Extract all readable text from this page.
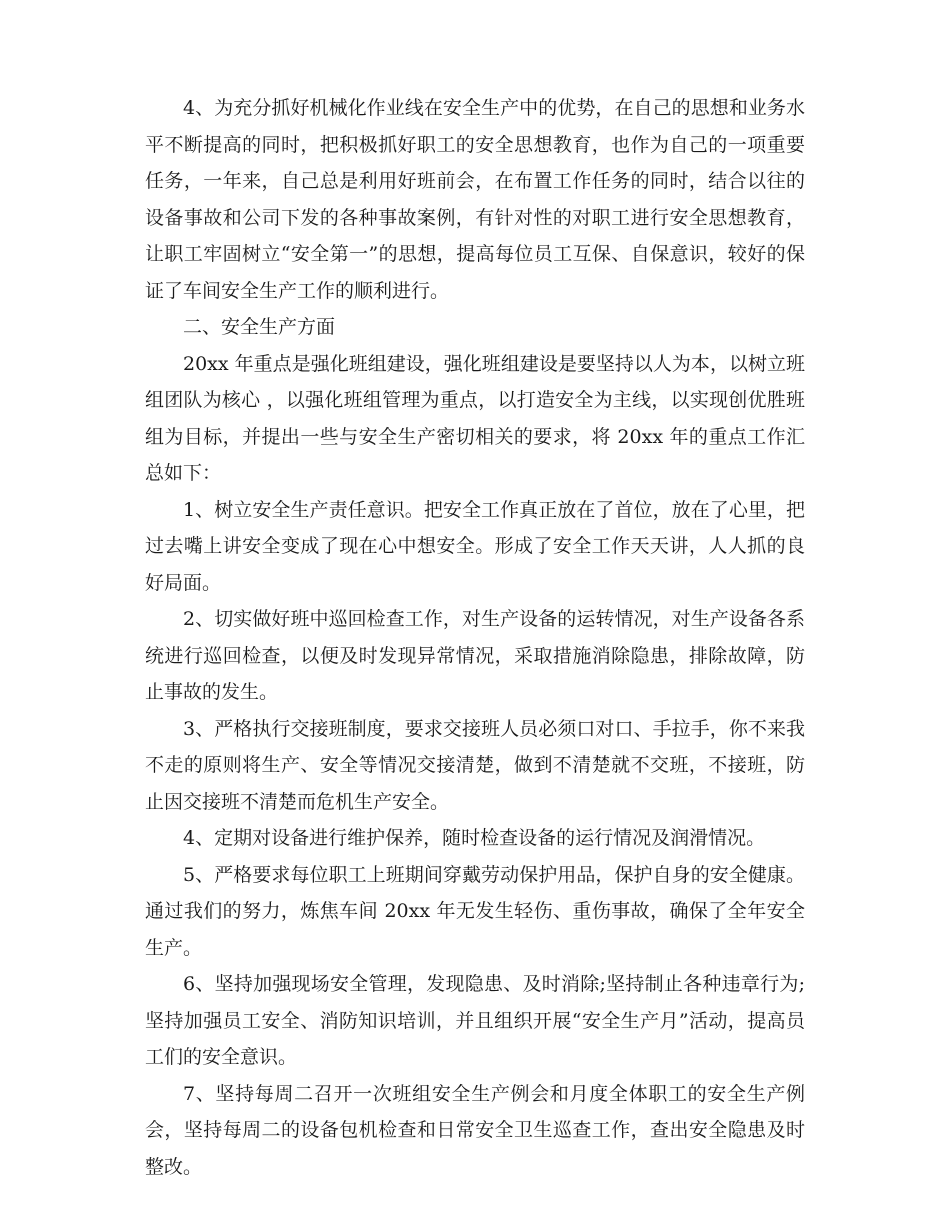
4、为充分抓好机械化作业线在安全生产中的优势，在自己的思想和业务水平不断提高的同时，把积极抓好职工的安全思想教育，也作为自己的一项重要任务，一年来，自己总是利用好班前会，在布置工作任务的同时，结合以往的设备事故和公司下发的各种事故案例，有针对性的对职工进行安全思想教育，让职工牢固树立“安全第一”的思想，提高每位员工互保、自保意识，较好的保证了车间安全生产工作的顺利进行。

二、安全生产方面

20xx 年重点是强化班组建设，强化班组建设是要坚持以人为本，以树立班组团队为核心 ，以强化班组管理为重点，以打造安全为主线，以实现创优胜班组为目标，并提出一些与安全生产密切相关的要求，将 20xx 年的重点工作汇总如下：

1、树立安全生产责任意识。把安全工作真正放在了首位，放在了心里，把过去嘴上讲安全变成了现在心中想安全。形成了安全工作天天讲，人人抓的良好局面。

2、切实做好班中巡回检查工作，对生产设备的运转情况，对生产设备各系统进行巡回检查，以便及时发现异常情况，采取措施消除隐患，排除故障，防止事故的发生。

3、严格执行交接班制度，要求交接班人员必须口对口、手拉手，你不来我不走的原则将生产、安全等情况交接清楚，做到不清楚就不交班，不接班，防止因交接班不清楚而危机生产安全。

4、定期对设备进行维护保养，随时检查设备的运行情况及润滑情况。

5、严格要求每位职工上班期间穿戴劳动保护用品，保护自身的安全健康。通过我们的努力，炼焦车间 20xx 年无发生轻伤、重伤事故，确保了全年安全生产。

6、坚持加强现场安全管理，发现隐患、及时消除;坚持制止各种违章行为;坚持加强员工安全、消防知识培训，并且组织开展“安全生产月”活动，提高员工们的安全意识。

7、坚持每周二召开一次班组安全生产例会和月度全体职工的安全生产例会，坚持每周二的设备包机检查和日常安全卫生巡查工作，查出安全隐患及时整改。
